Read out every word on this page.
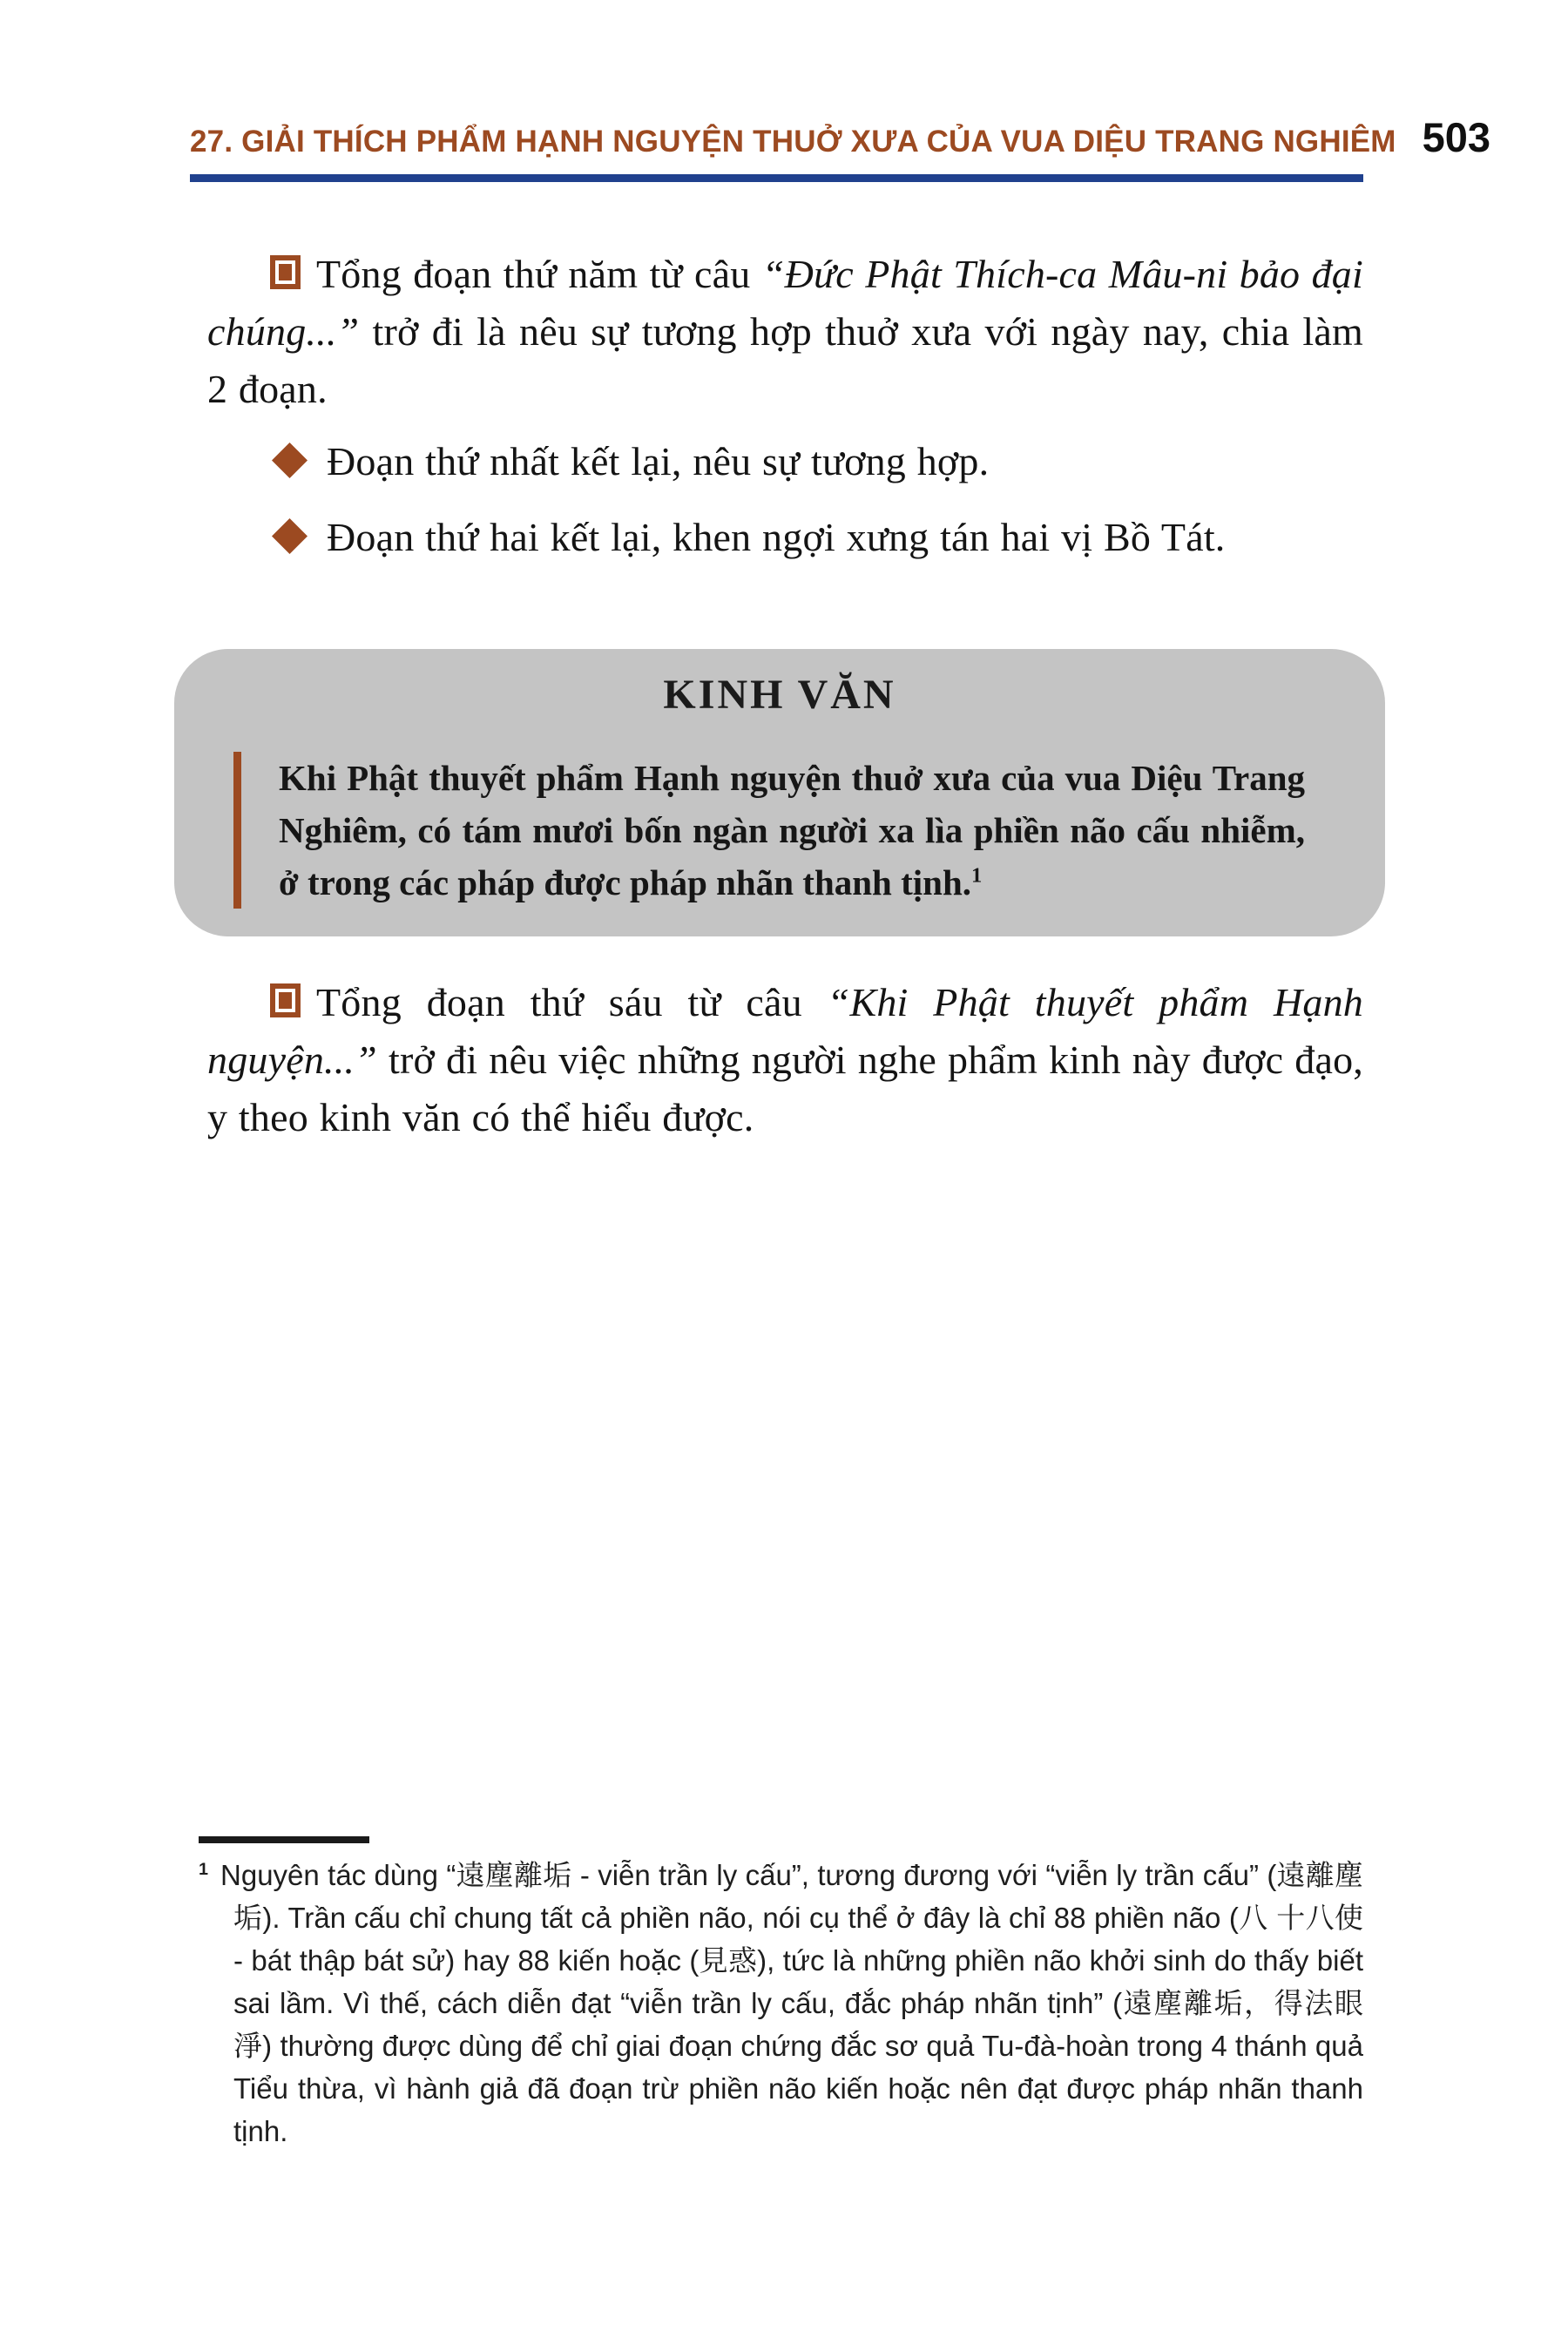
27. GIẢI THÍCH PHẨM HẠNH NGUYỆN THUỞ XƯA CỦA VUA DIỆU TRANG NGHIÊM 503

Tổng đoạn thứ năm từ câu “Đức Phật Thích-ca Mâu-ni bảo đại chúng...” trở đi là nêu sự tương hợp thuở xưa với ngày nay, chia làm 2 đoạn.

Đoạn thứ nhất kết lại, nêu sự tương hợp.

Đoạn thứ hai kết lại, khen ngợi xưng tán hai vị Bồ Tát.

KINH VĂN

Khi Phật thuyết phẩm Hạnh nguyện thuở xưa của vua Diệu Trang Nghiêm, có tám mươi bốn ngàn người xa lìa phiền não cấu nhiễm, ở trong các pháp được pháp nhãn thanh tịnh.$^1$

Tổng đoạn thứ sáu từ câu “Khi Phật thuyết phẩm Hạnh nguyện...” trở đi nêu việc những người nghe phẩm kinh này được đạo, y theo kinh văn có thể hiểu được.

$^1$ Nguyên tác dùng “遠塵離垢 - viễn trần ly cấu”, tương đương với “viễn ly trần cấu” (遠離塵垢). Trần cấu chỉ chung tất cả phiền não, nói cụ thể ở đây là chỉ 88 phiền não (八 十八使 - bát thập bát sử) hay 88 kiến hoặc (見惑), tức là những phiền não khởi sinh do thấy biết sai lầm. Vì thế, cách diễn đạt “viễn trần ly cấu, đắc pháp nhãn tịnh” (遠塵離垢，得法眼淨) thường được dùng để chỉ giai đoạn chứng đắc sơ quả Tu-đà-hoàn trong 4 thánh quả Tiểu thừa, vì hành giả đã đoạn trừ phiền não kiến hoặc nên đạt được pháp nhãn thanh tịnh.
